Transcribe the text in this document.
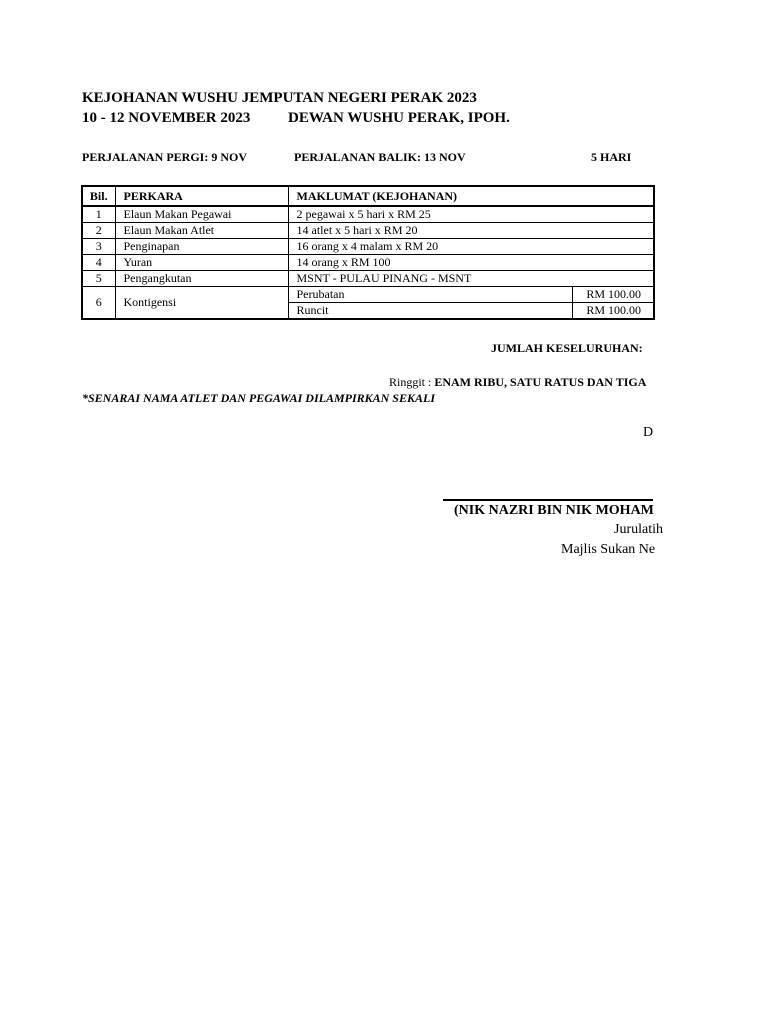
KEJOHANAN WUSHU JEMPUTAN NEGERI PERAK 2023
10 - 12 NOVEMBER 2023	DEWAN WUSHU PERAK, IPOH.
PERJALANAN PERGI: 9 NOV	PERJALANAN BALIK: 13 NOV	5 HARI
Bil.	PERKARA	MAKLUMAT (KEJOHANAN)	
1	Elaun Makan Pegawai	2 pegawai x 5 hari x RM 25	
2	Elaun Makan Atlet	14 atlet x 5 hari x RM 20	
3	Penginapan	16 orang x 4 malam x RM 20	
4	Yuran	14 orang x RM 100	
5	Pengangkutan	MSNT - PULAU PINANG - MSNT	
6	Kontigensi	Perubatan	RM 100.00
		Runcit	RM 100.00
JUMLAH KESELURUHAN:
Ringgit : ENAM RIBU, SATU RATUS DAN TIGA
*SENARAI NAMA ATLET DAN PEGAWAI DILAMPIRKAN SEKALI
D
(NIK NAZRI BIN NIK MOHAM
Jurulatih
Majlis Sukan Ne
